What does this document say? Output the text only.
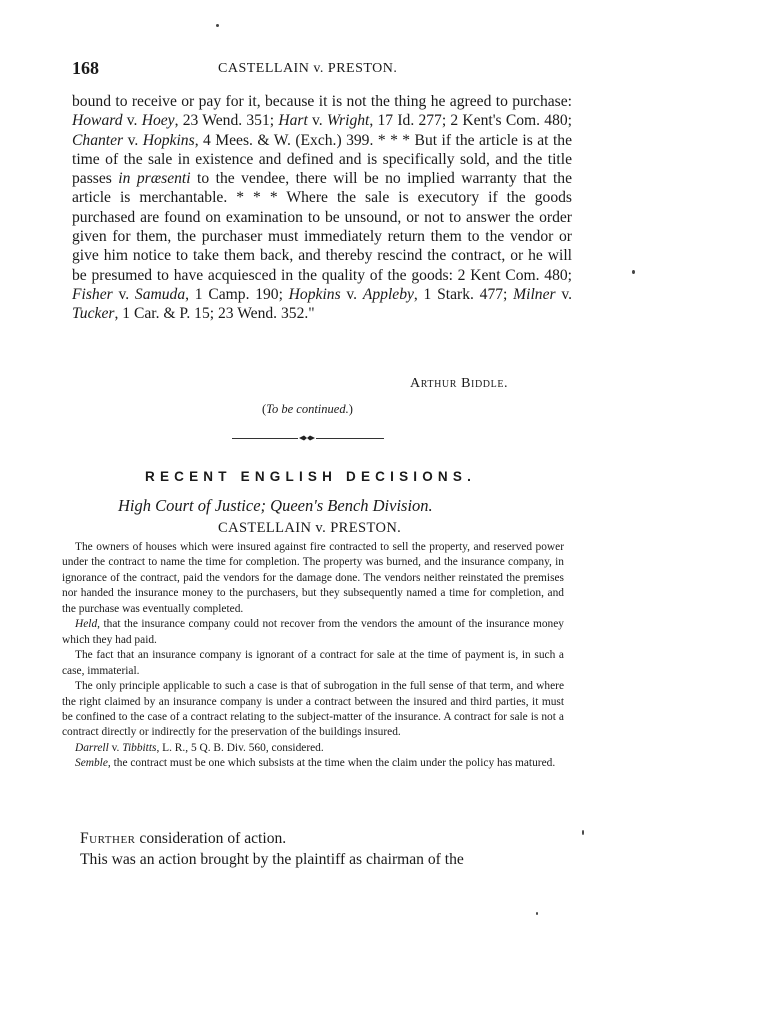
168	CASTELLAIN v. PRESTON.
bound to receive or pay for it, because it is not the thing he agreed to purchase: Howard v. Hoey, 23 Wend. 351; Hart v. Wright, 17 Id. 277; 2 Kent's Com. 480; Chanter v. Hopkins, 4 Mees. & W. (Exch.) 399. * * * But if the article is at the time of the sale in existence and defined and is specifically sold, and the title passes in præsenti to the vendee, there will be no implied warranty that the article is merchantable. * * * Where the sale is executory if the goods purchased are found on examination to be unsound, or not to answer the order given for them, the purchaser must immediately return them to the vendor or give him notice to take them back, and thereby rescind the contract, or he will be presumed to have acquiesced in the quality of the goods: 2 Kent Com. 480; Fisher v. Samuda, 1 Camp. 190; Hopkins v. Appleby, 1 Stark. 477; Milner v. Tucker, 1 Car. & P. 15; 23 Wend. 352."
Arthur Biddle.
(To be continued.)
RECENT ENGLISH DECISIONS.
High Court of Justice; Queen's Bench Division.
CASTELLAIN v. PRESTON.

The owners of houses which were insured against fire contracted to sell the property, and reserved power under the contract to name the time for completion. The property was burned, and the insurance company, in ignorance of the contract, paid the vendors for the damage done. The vendors neither reinstated the premises nor handed the insurance money to the purchasers, but they subsequently named a time for completion, and the purchase was eventually completed.

Held, that the insurance company could not recover from the vendors the amount of the insurance money which they had paid.

The fact that an insurance company is ignorant of a contract for sale at the time of payment is, in such a case, immaterial.

The only principle applicable to such a case is that of subrogation in the full sense of that term, and where the right claimed by an insurance company is under a contract between the insured and third parties, it must be confined to the case of a contract relating to the subject-matter of the insurance. A contract for sale is not a contract directly or indirectly for the preservation of the buildings insured.

Darrell v. Tibbitts, L. R., 5 Q. B. Div. 560, considered.

Semble, the contract must be one which subsists at the time when the claim under the policy has matured.

Further consideration of action.

This was an action brought by the plaintiff as chairman of the
